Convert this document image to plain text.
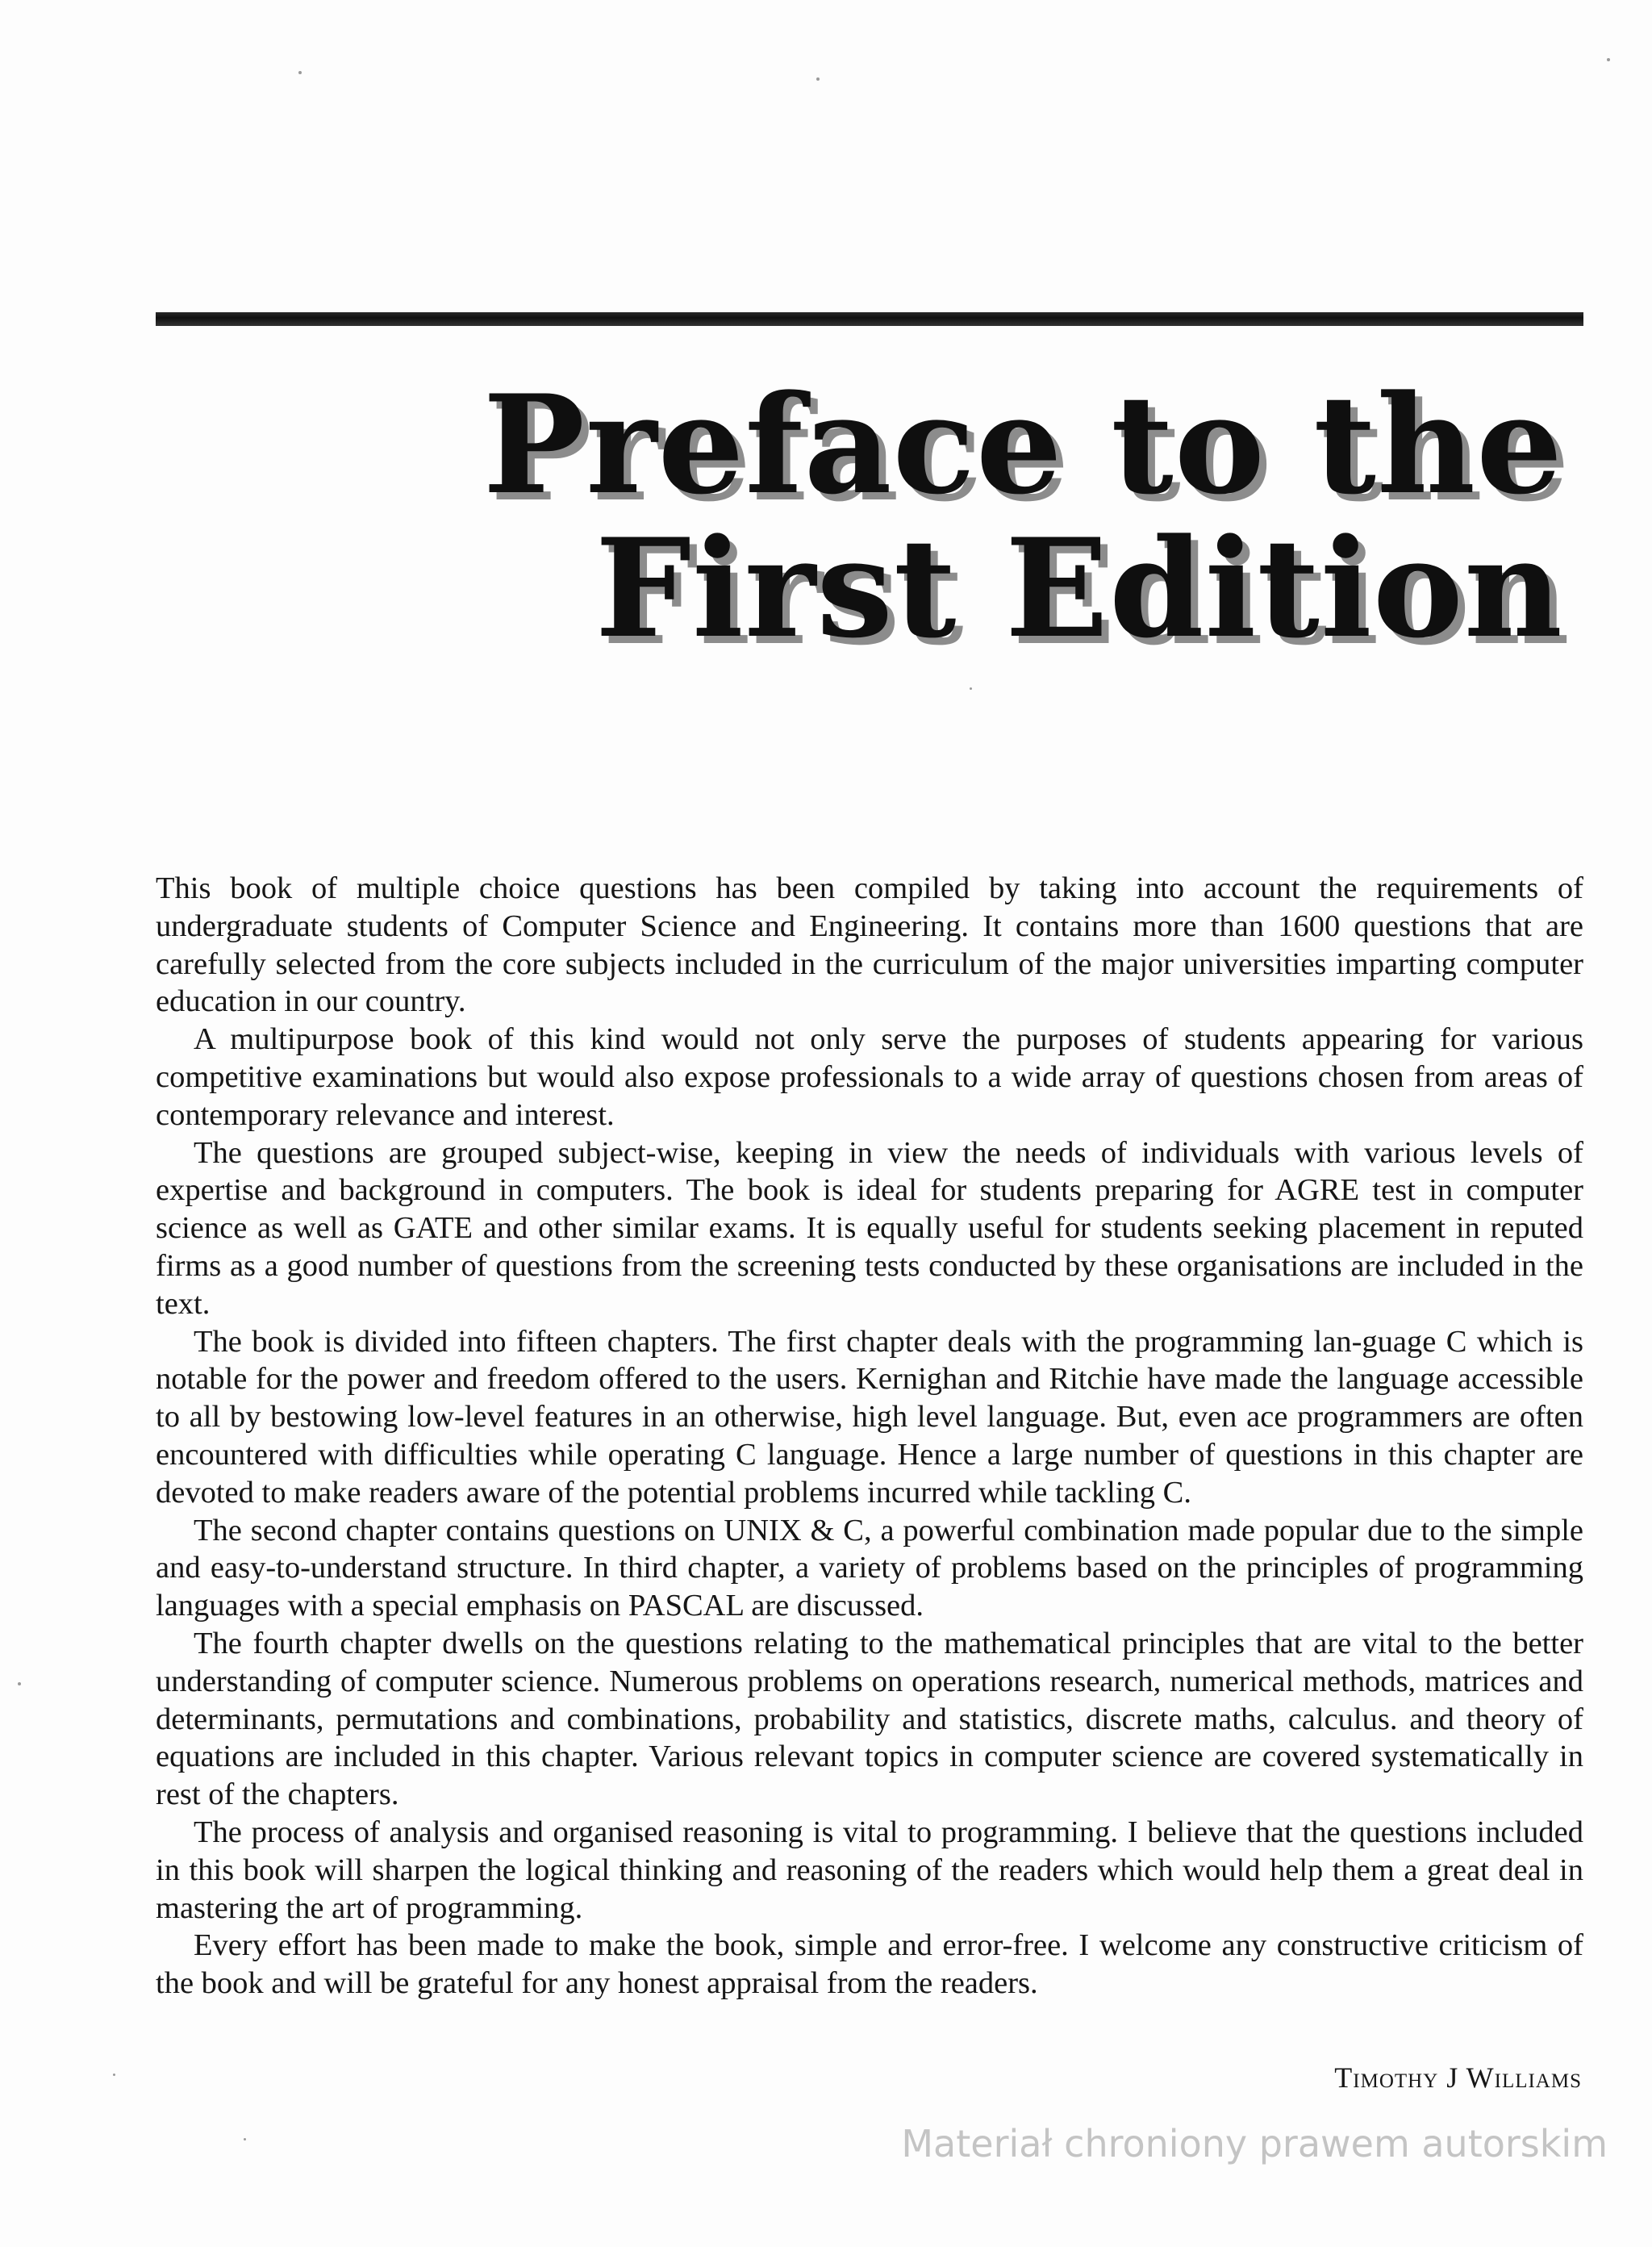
Preface to the
First Edition

This book of multiple choice questions has been compiled by taking into account the requirements of undergraduate students of Computer Science and Engineering. It contains more than 1600 questions that are carefully selected from the core subjects included in the curriculum of the major universities imparting computer education in our country.

A multipurpose book of this kind would not only serve the purposes of students appearing for various competitive examinations but would also expose professionals to a wide array of questions chosen from areas of contemporary relevance and interest.

The questions are grouped subject-wise, keeping in view the needs of individuals with various levels of expertise and background in computers. The book is ideal for students preparing for AGRE test in computer science as well as GATE and other similar exams. It is equally useful for students seeking placement in reputed firms as a good number of questions from the screening tests conducted by these organisations are included in the text.

The book is divided into fifteen chapters. The first chapter deals with the programming lan-guage C which is notable for the power and freedom offered to the users. Kernighan and Ritchie have made the language accessible to all by bestowing low-level features in an otherwise, high level language. But, even ace programmers are often encountered with difficulties while operating C language. Hence a large number of questions in this chapter are devoted to make readers aware of the potential problems incurred while tackling C.

The second chapter contains questions on UNIX & C, a powerful combination made popular due to the simple and easy-to-understand structure. In third chapter, a variety of problems based on the principles of programming languages with a special emphasis on PASCAL are discussed.

The fourth chapter dwells on the questions relating to the mathematical principles that are vital to the better understanding of computer science. Numerous problems on operations research, numerical methods, matrices and determinants, permutations and combinations, probability and statistics, discrete maths, calculus. and theory of equations are included in this chapter. Various relevant topics in computer science are covered systematically in rest of the chapters.

The process of analysis and organised reasoning is vital to programming. I believe that the questions included in this book will sharpen the logical thinking and reasoning of the readers which would help them a great deal in mastering the art of programming.

Every effort has been made to make the book, simple and error-free. I welcome any constructive criticism of the book and will be grateful for any honest appraisal from the readers.

Timothy J Williams
Materiał chroniony prawem autorskim
